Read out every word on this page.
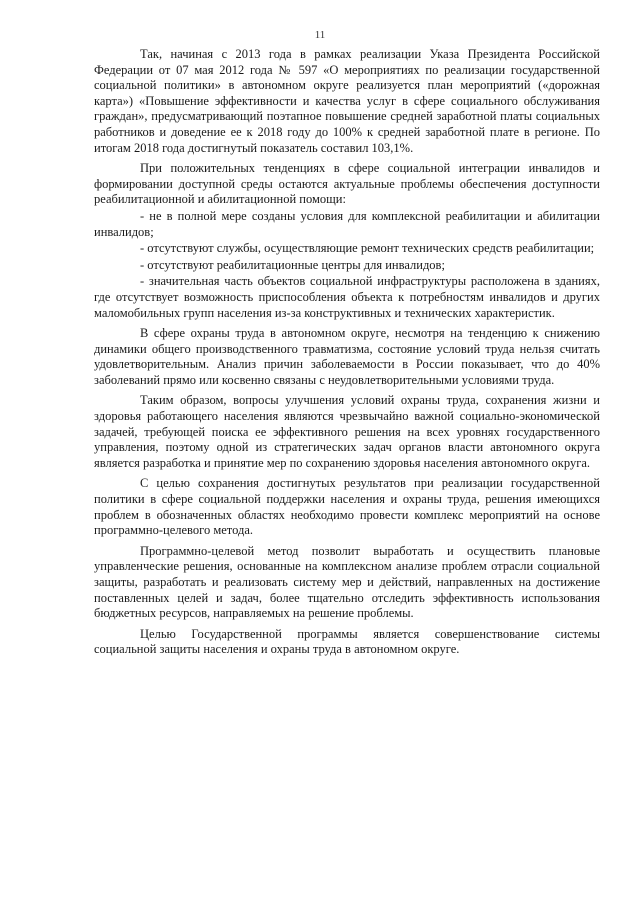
11

Так, начиная с 2013 года в рамках реализации Указа Президента Российской Федерации от 07 мая 2012 года № 597 «О мероприятиях по реализации государственной социальной политики» в автономном округе реализуется план мероприятий («дорожная карта») «Повышение эффективности и качества услуг в сфере социального обслуживания граждан», предусматривающий поэтапное повышение средней заработной платы социальных работников и доведение ее к 2018 году до 100% к средней заработной плате в регионе. По итогам 2018 года достигнутый показатель составил 103,1%.

При положительных тенденциях в сфере социальной интеграции инвалидов и формировании доступной среды остаются актуальные проблемы обеспечения доступности реабилитационной и абилитационной помощи:

- не в полной мере созданы условия для комплексной реабилитации и абилитации инвалидов;

- отсутствуют службы, осуществляющие ремонт технических средств реабилитации;

- отсутствуют реабилитационные центры для инвалидов;

- значительная часть объектов социальной инфраструктуры расположена в зданиях, где отсутствует возможность приспособления объекта к потребностям инвалидов и других маломобильных групп населения из-за конструктивных и технических характеристик.

В сфере охраны труда в автономном округе, несмотря на тенденцию к снижению динамики общего производственного травматизма, состояние условий труда нельзя считать удовлетворительным. Анализ причин заболеваемости в России показывает, что до 40% заболеваний прямо или косвенно связаны с неудовлетворительными условиями труда.

Таким образом, вопросы улучшения условий охраны труда, сохранения жизни и здоровья работающего населения являются чрезвычайно важной социально-экономической задачей, требующей поиска ее эффективного решения на всех уровнях государственного управления, поэтому одной из стратегических задач органов власти автономного округа является разработка и принятие мер по сохранению здоровья населения автономного округа.

С целью сохранения достигнутых результатов при реализации государственной политики в сфере социальной поддержки населения и охраны труда, решения имеющихся проблем в обозначенных областях необходимо провести комплекс мероприятий на основе программно-целевого метода.

Программно-целевой метод позволит выработать и осуществить плановые управленческие решения, основанные на комплексном анализе проблем отрасли социальной защиты, разработать и реализовать систему мер и действий, направленных на достижение поставленных целей и задач, более тщательно отследить эффективность использования бюджетных ресурсов, направляемых на решение проблемы.

Целью Государственной программы является совершенствование системы социальной защиты населения и охраны труда в автономном округе.
